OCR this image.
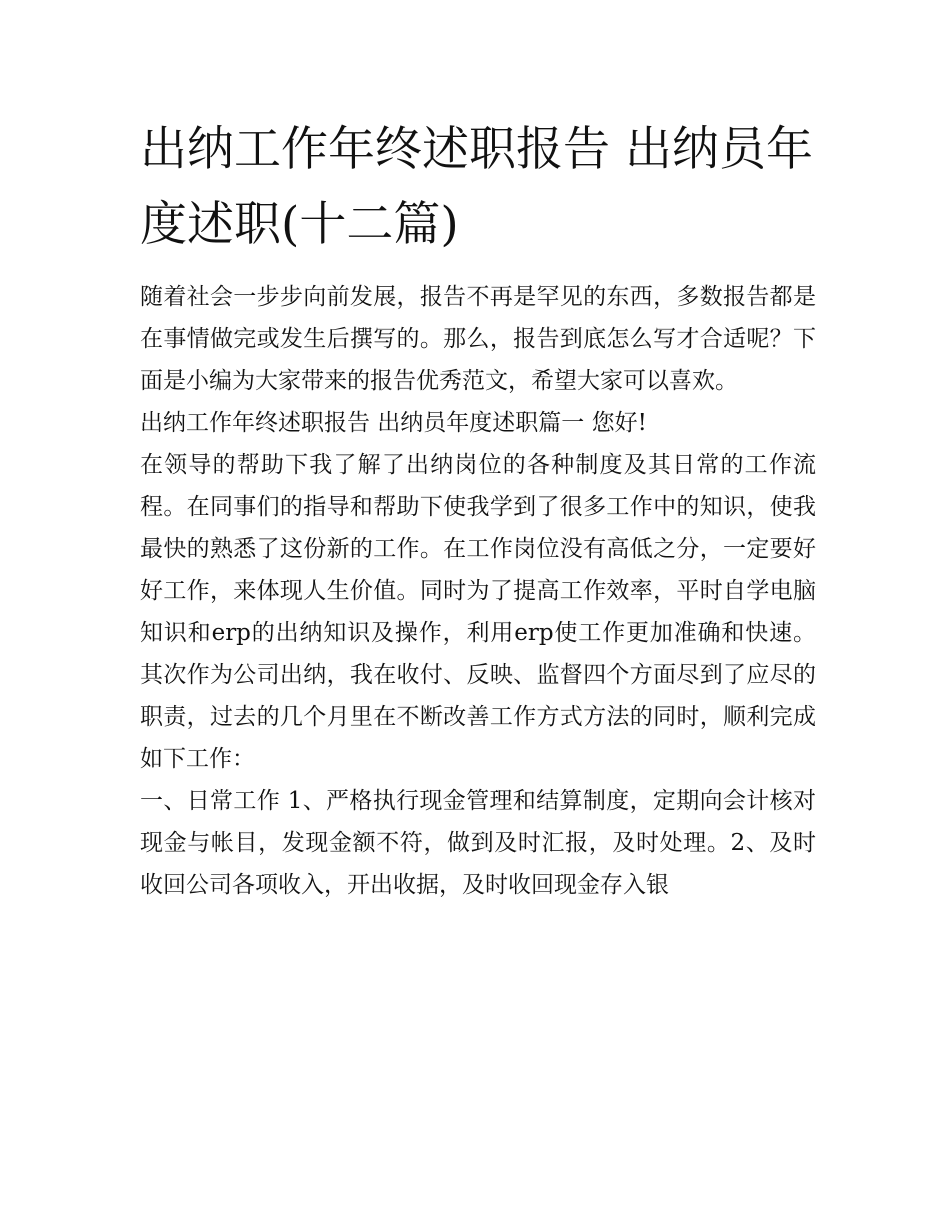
出纳工作年终述职报告 出纳员年度述职(十二篇)

随着社会一步步向前发展，报告不再是罕见的东西，多数报告都是在事情做完或发生后撰写的。那么，报告到底怎么写才合适呢？下面是小编为大家带来的报告优秀范文，希望大家可以喜欢。

出纳工作年终述职报告 出纳员年度述职篇一 您好!

在领导的帮助下我了解了出纳岗位的各种制度及其日常的工作流程。在同事们的指导和帮助下使我学到了很多工作中的知识，使我最快的熟悉了这份新的工作。在工作岗位没有高低之分，一定要好好工作，来体现人生价值。同时为了提高工作效率，平时自学电脑知识和erp的出纳知识及操作，利用erp使工作更加准确和快速。其次作为公司出纳，我在收付、反映、监督四个方面尽到了应尽的职责，过去的几个月里在不断改善工作方式方法的同时，顺利完成如下工作：

一、日常工作 1、严格执行现金管理和结算制度，定期向会计核对现金与帐目，发现金额不符，做到及时汇报，及时处理。2、及时收回公司各项收入，开出收据，及时收回现金存入银
